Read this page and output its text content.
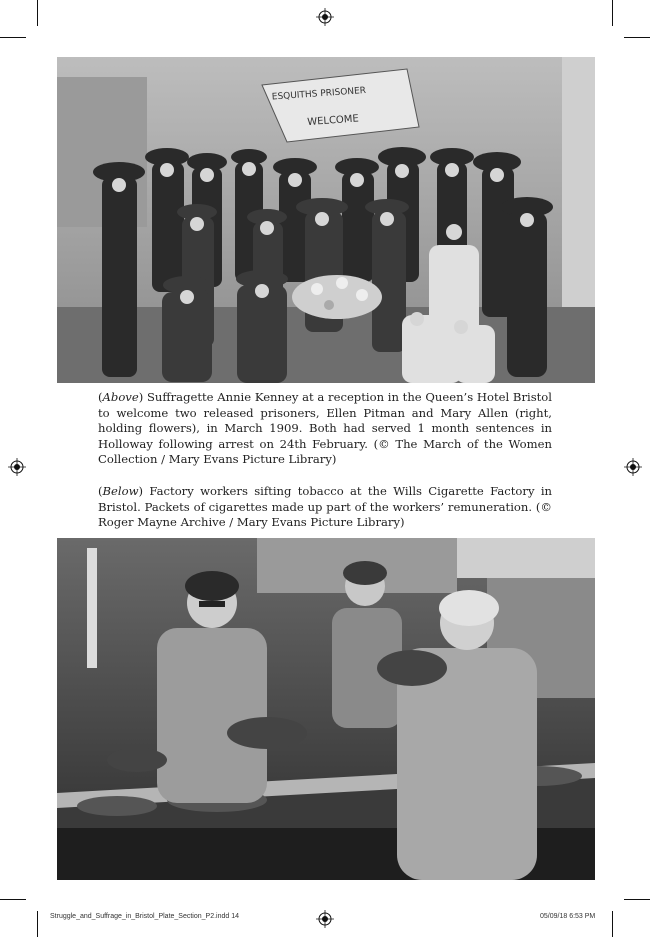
ESQUITHS PRISONER
WELCOME
(Above) Suffragette Annie Kenney at a reception in the Queen’s Hotel Bristol to welcome two released prisoners, Ellen Pitman and Mary Allen (right, holding flowers), in March 1909. Both had served 1 month sentences in Holloway following arrest on 24th February. (© The March of the Women Collection / Mary Evans Picture Library)
(Below) Factory workers sifting tobacco at the Wills Cigarette Factory in Bristol. Packets of cigarettes made up part of the workers’ remuneration. (© Roger Mayne Archive / Mary Evans Picture Library)
Struggle_and_Suffrage_in_Bristol_Plate_Section_P2.indd 14	05/09/18 6:53 PM
